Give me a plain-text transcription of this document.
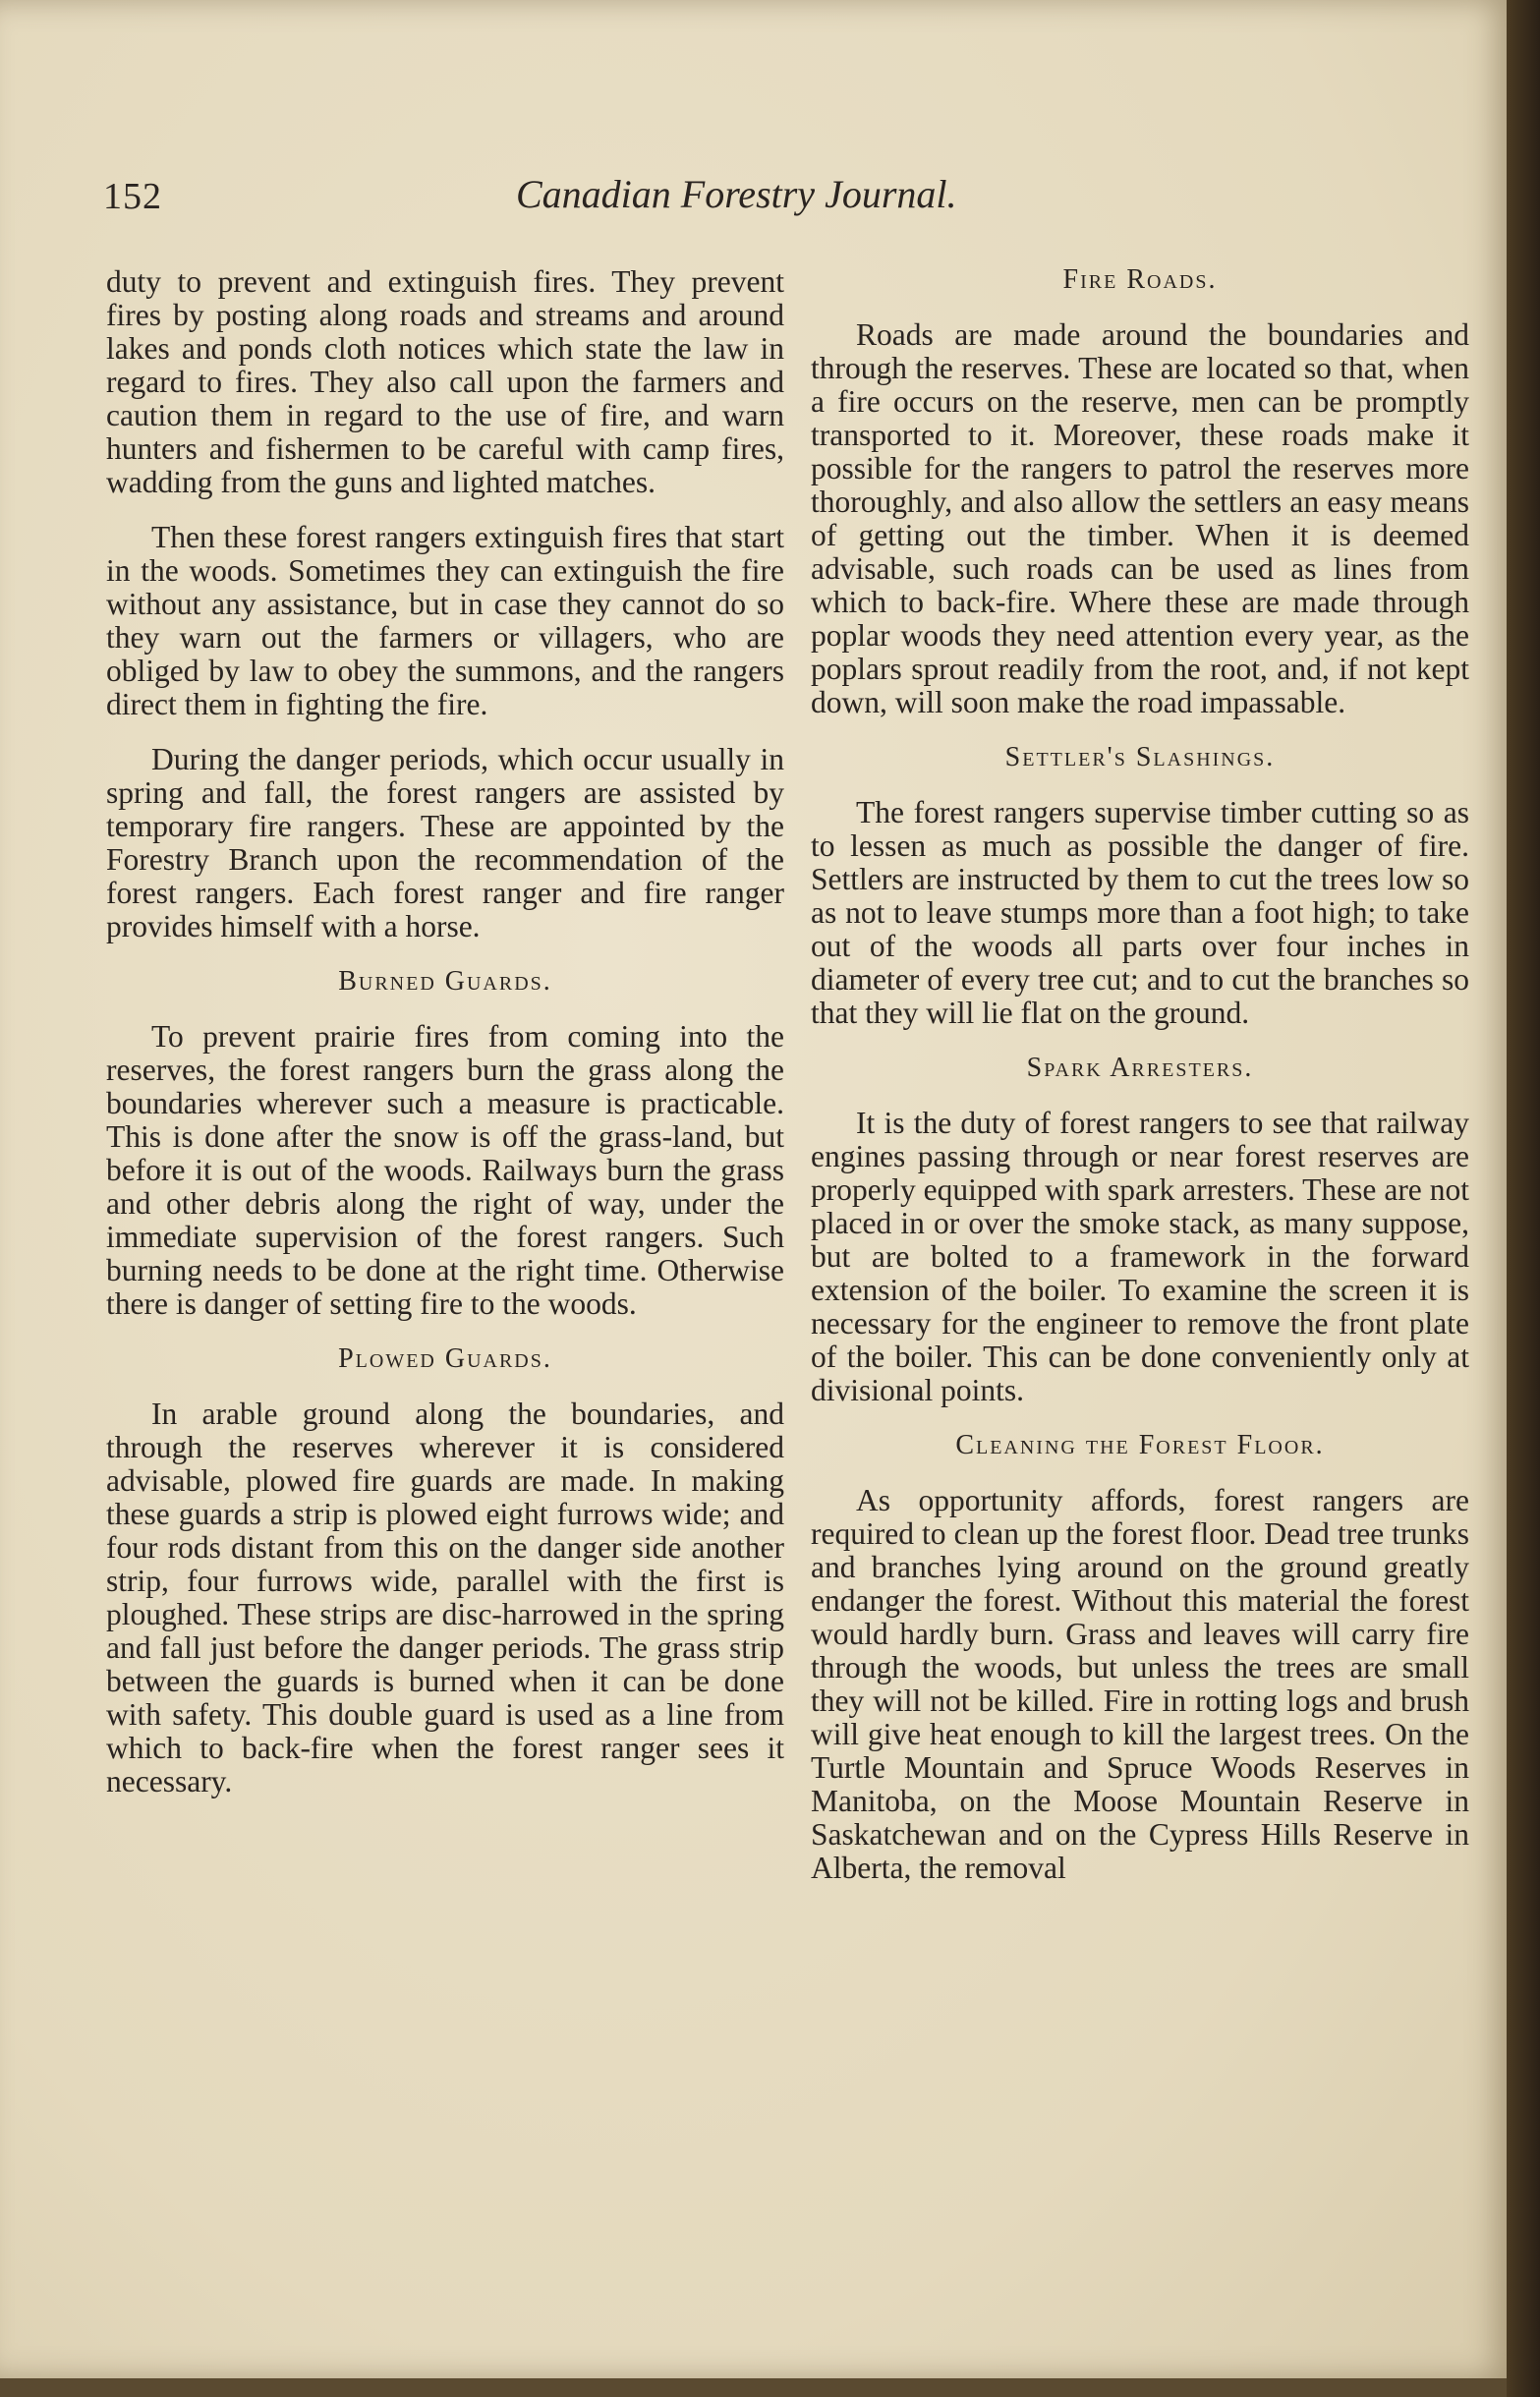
152	Canadian Forestry Journal.

duty to prevent and extinguish fires. They prevent fires by posting along roads and streams and around lakes and ponds cloth notices which state the law in regard to fires. They also call upon the farmers and caution them in regard to the use of fire, and warn hunters and fishermen to be careful with camp fires, wadding from the guns and lighted matches.

Then these forest rangers extinguish fires that start in the woods. Sometimes they can extinguish the fire without any assistance, but in case they cannot do so they warn out the farmers or villagers, who are obliged by law to obey the summons, and the rangers direct them in fighting the fire.

During the danger periods, which occur usually in spring and fall, the forest rangers are assisted by temporary fire rangers. These are appointed by the Forestry Branch upon the recommendation of the forest rangers. Each forest ranger and fire ranger provides himself with a horse.

Burned Guards.

To prevent prairie fires from coming into the reserves, the forest rangers burn the grass along the boundaries wherever such a measure is practicable. This is done after the snow is off the grass-land, but before it is out of the woods. Railways burn the grass and other debris along the right of way, under the immediate supervision of the forest rangers. Such burning needs to be done at the right time. Otherwise there is danger of setting fire to the woods.

Plowed Guards.

In arable ground along the boundaries, and through the reserves wherever it is considered advisable, plowed fire guards are made. In making these guards a strip is plowed eight furrows wide; and four rods distant from this on the danger side another strip, four furrows wide, parallel with the first is ploughed. These strips are disc-harrowed in the spring and fall just before the danger periods. The grass strip between the guards is burned when it can be done with safety. This double guard is used as a line from which to back-fire when the forest ranger sees it necessary.

Fire Roads.

Roads are made around the boundaries and through the reserves. These are located so that, when a fire occurs on the reserve, men can be promptly transported to it. Moreover, these roads make it possible for the rangers to patrol the reserves more thoroughly, and also allow the settlers an easy means of getting out the timber. When it is deemed advisable, such roads can be used as lines from which to back-fire. Where these are made through poplar woods they need attention every year, as the poplars sprout readily from the root, and, if not kept down, will soon make the road impassable.

Settler's Slashings.

The forest rangers supervise timber cutting so as to lessen as much as possible the danger of fire. Settlers are instructed by them to cut the trees low so as not to leave stumps more than a foot high; to take out of the woods all parts over four inches in diameter of every tree cut; and to cut the branches so that they will lie flat on the ground.

Spark Arresters.

It is the duty of forest rangers to see that railway engines passing through or near forest reserves are properly equipped with spark arresters. These are not placed in or over the smoke stack, as many suppose, but are bolted to a framework in the forward extension of the boiler. To examine the screen it is necessary for the engineer to remove the front plate of the boiler. This can be done conveniently only at divisional points.

Cleaning the Forest Floor.

As opportunity affords, forest rangers are required to clean up the forest floor. Dead tree trunks and branches lying around on the ground greatly endanger the forest. Without this material the forest would hardly burn. Grass and leaves will carry fire through the woods, but unless the trees are small they will not be killed. Fire in rotting logs and brush will give heat enough to kill the largest trees. On the Turtle Mountain and Spruce Woods Reserves in Manitoba, on the Moose Mountain Reserve in Saskatchewan and on the Cypress Hills Reserve in Alberta, the removal
